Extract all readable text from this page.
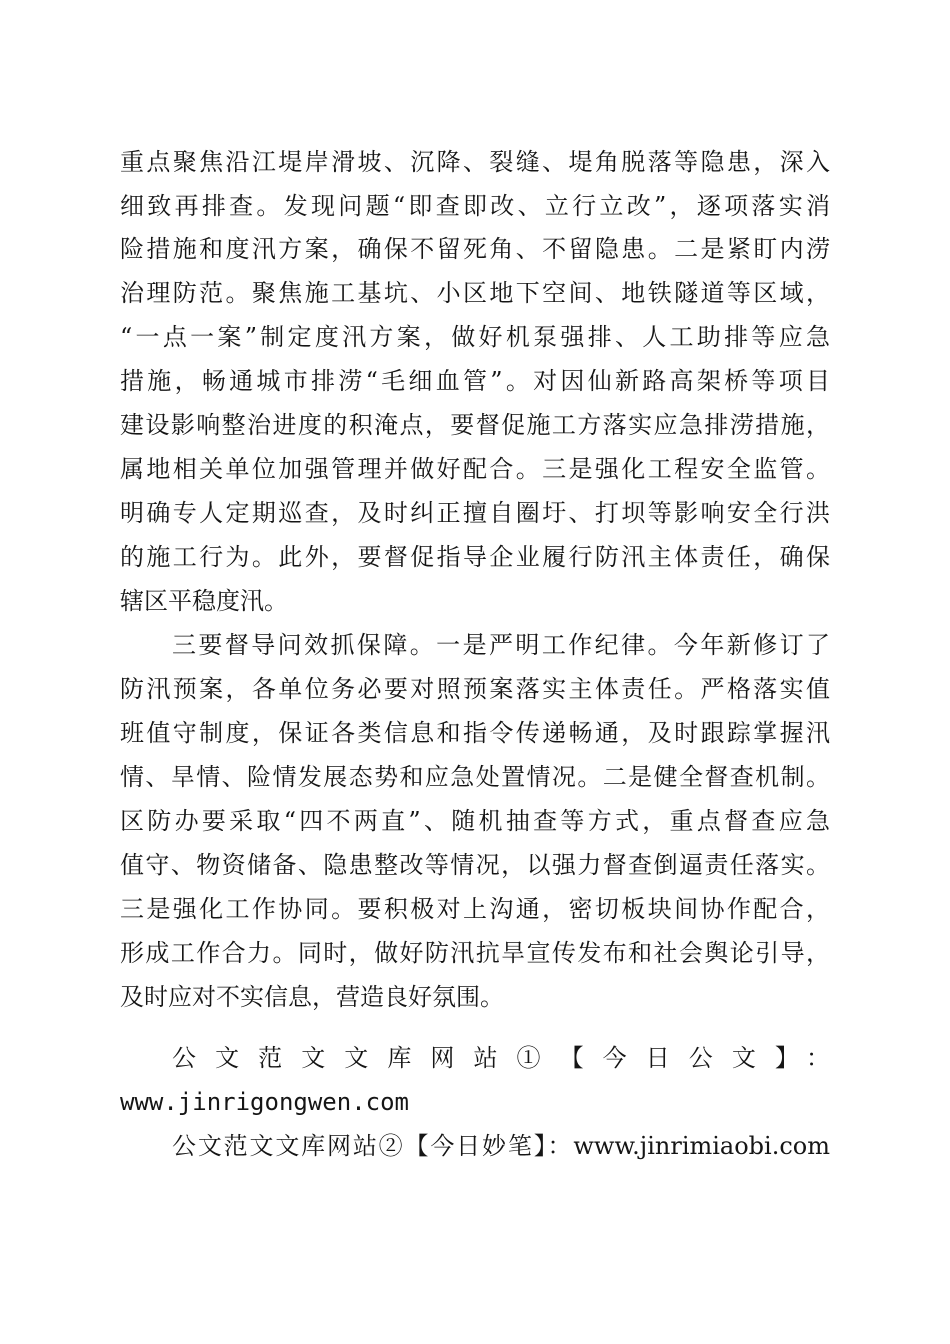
重点聚焦沿江堤岸滑坡、沉降、裂缝、堤角脱落等隐患，深入
细致再排查。发现问题“即查即改、立行立改”，逐项落实消
险措施和度汛方案，确保不留死角、不留隐患。二是紧盯内涝
治理防范。聚焦施工基坑、小区地下空间、地铁隧道等区域，
“一点一案”制定度汛方案，做好机泵强排、人工助排等应急
措施，畅通城市排涝“毛细血管”。对因仙新路高架桥等项目
建设影响整治进度的积淹点，要督促施工方落实应急排涝措施，
属地相关单位加强管理并做好配合。三是强化工程安全监管。
明确专人定期巡查，及时纠正擅自圈圩、打坝等影响安全行洪
的施工行为。此外，要督促指导企业履行防汛主体责任，确保
辖区平稳度汛。
三要督导问效抓保障。一是严明工作纪律。今年新修订了
防汛预案，各单位务必要对照预案落实主体责任。严格落实值
班值守制度，保证各类信息和指令传递畅通，及时跟踪掌握汛
情、旱情、险情发展态势和应急处置情况。二是健全督查机制。
区防办要采取“四不两直”、随机抽查等方式，重点督查应急
值守、物资储备、隐患整改等情况，以强力督查倒逼责任落实。
三是强化工作协同。要积极对上沟通，密切板块间协作配合，
形成工作合力。同时，做好防汛抗旱宣传发布和社会舆论引导，
及时应对不实信息，营造良好氛围。
公文范文文库网站①【今日公文】：
www.jinrigongwen.com
公文范文文库网站②【今日妙笔】：www.jinrimiaobi.com
